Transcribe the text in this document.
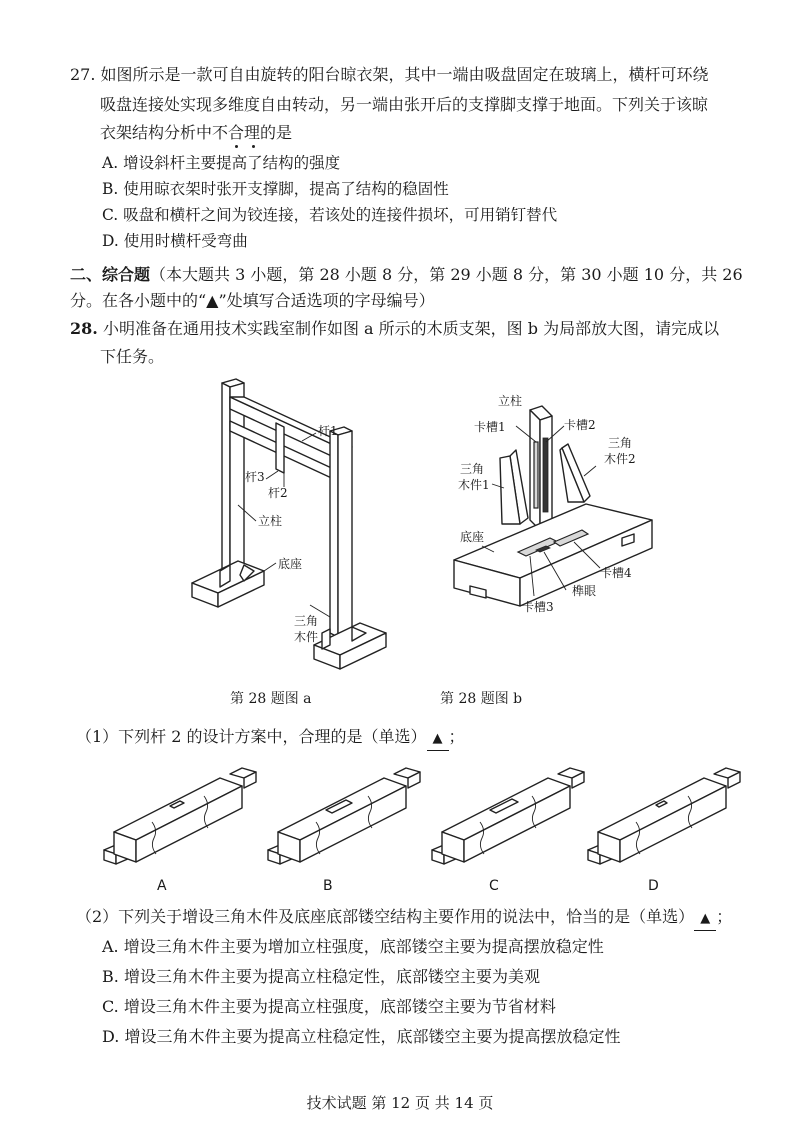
27. 如图所示是一款可自由旋转的阳台晾衣架，其中一端由吸盘固定在玻璃上，横杆可环绕
吸盘连接处实现多维度自由转动，另一端由张开后的支撑脚支撑于地面。下列关于该晾
衣架结构分析中不合理的是
A. 增设斜杆主要提高了结构的强度
B. 使用晾衣架时张开支撑脚，提高了结构的稳固性
C. 吸盘和横杆之间为铰连接，若该处的连接件损坏，可用销钉替代
D. 使用时横杆受弯曲
二、综合题（本大题共 3 小题，第 28 小题 8 分，第 29 小题 8 分，第 30 小题 10 分，共 26
分。在各小题中的“▲”处填写合适选项的字母编号）
28. 小明准备在通用技术实践室制作如图 a 所示的木质支架，图 b 为局部放大图，请完成以
下任务。
杆1
杆3
杆2
立柱
底座
三角
木件
第 28 题图 a
立柱
卡槽1	卡槽2
三角
木件1
三角
木件2
底座
卡槽4
榫眼
卡槽3
第 28 题图 b
（1）下列杆 2 的设计方案中，合理的是（单选） ▲ ；
A	B	C	D
（2）下列关于增设三角木件及底座底部镂空结构主要作用的说法中，恰当的是（单选） ▲ ；
A. 增设三角木件主要为增加立柱强度，底部镂空主要为提高摆放稳定性
B. 增设三角木件主要为提高立柱稳定性，底部镂空主要为美观
C. 增设三角木件主要为提高立柱强度，底部镂空主要为节省材料
D. 增设三角木件主要为提高立柱稳定性，底部镂空主要为提高摆放稳定性
技术试题 第 12 页 共 14 页
